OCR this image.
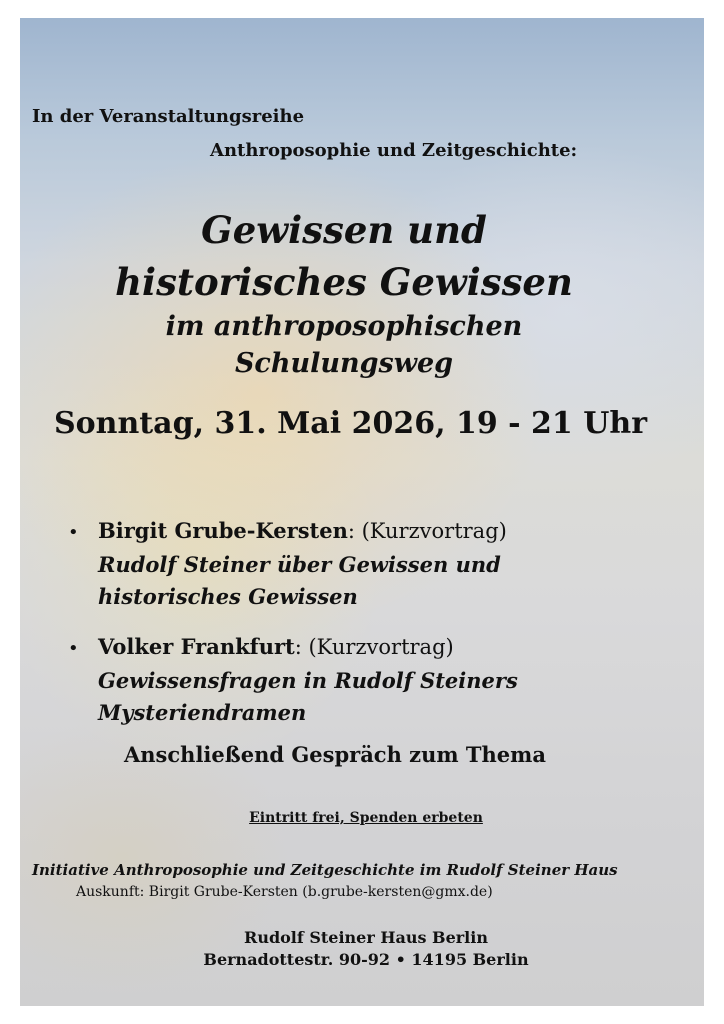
In der Veranstaltungsreihe
Anthroposophie und Zeitgeschichte:
Gewissen und
historisches Gewissen
im anthroposophischen
Schulungsweg
Sonntag, 31. Mai 2026, 19 - 21 Uhr
• Birgit Grube-Kersten: (Kurzvortrag)
Rudolf Steiner über Gewissen und
historisches Gewissen
• Volker Frankfurt: (Kurzvortrag)
Gewissensfragen in Rudolf Steiners
Mysteriendramen
Anschließend Gespräch zum Thema
Eintritt frei, Spenden erbeten
Initiative Anthroposophie und Zeitgeschichte im Rudolf Steiner Haus
Auskunft: Birgit Grube-Kersten (b.grube-kersten@gmx.de)
Rudolf Steiner Haus Berlin
Bernadottestr. 90-92 • 14195 Berlin
